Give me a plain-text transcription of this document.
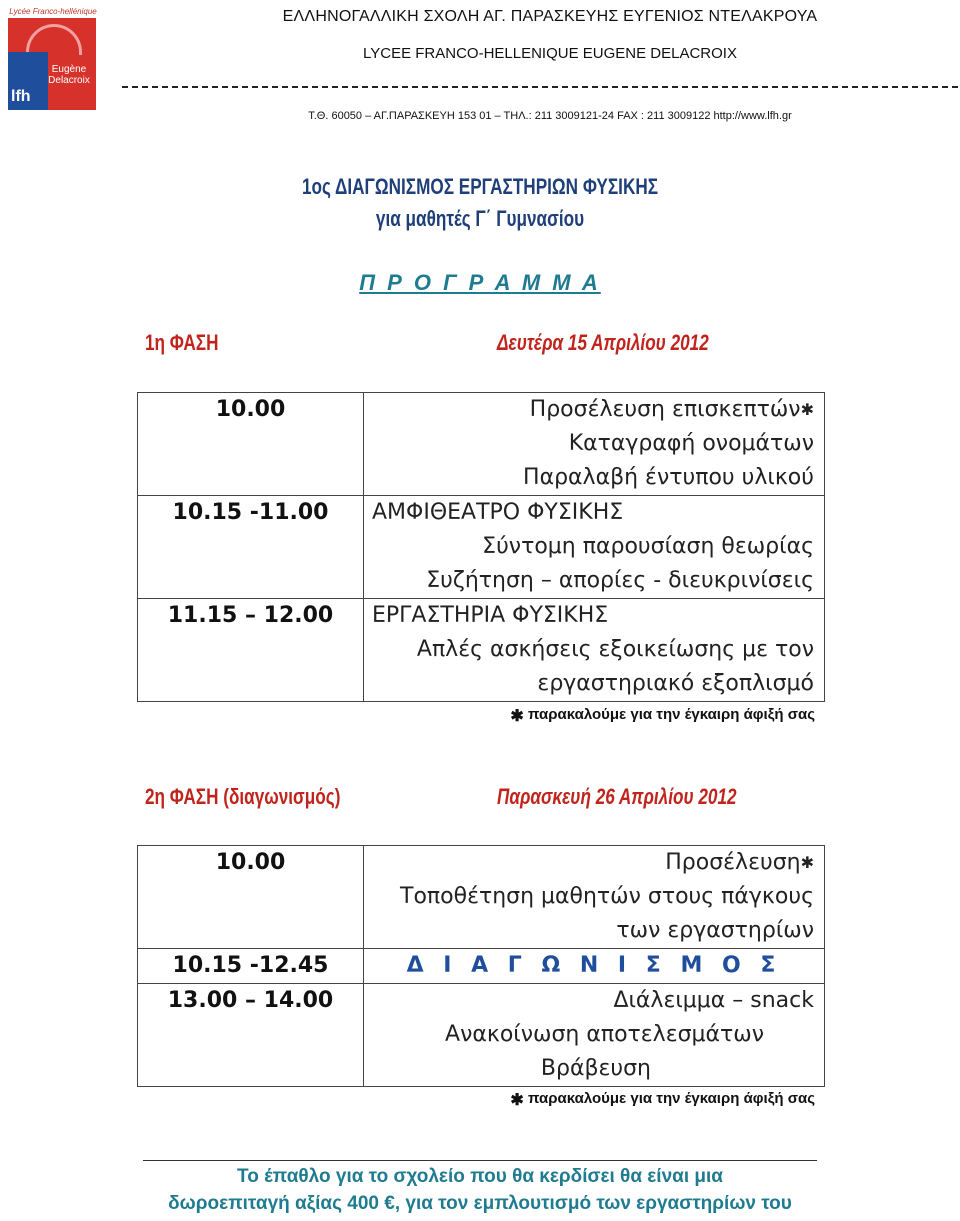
Lycée Franco-hellénique
Eugène
Delacroix
lfh
ΕΛΛΗΝΟΓΑΛΛΙΚΗ ΣΧΟΛΗ ΑΓ. ΠΑΡΑΣΚΕΥΗΣ ΕΥΓΕΝΙΟΣ ΝΤΕΛΑΚΡΟΥΑ
LYCEE FRANCO-HELLENIQUE EUGENE DELACROIX
Τ.Θ. 60050 – ΑΓ.ΠΑΡΑΣΚΕΥΗ 153 01 – ΤΗΛ.: 211 3009121-24 FAX : 211 3009122 http://www.lfh.gr
1ος ΔΙΑΓΩΝΙΣΜΟΣ ΕΡΓΑΣΤΗΡΙΩΝ ΦΥΣΙΚΗΣ
για μαθητές Γ΄ Γυμνασίου
Π Ρ Ο Γ Ρ Α Μ Μ Α
1η ΦΑΣΗ	Δευτέρα 15 Απριλίου 2012
10.00	Προσέλευση επισκεπτών✱
Καταγραφή ονομάτων
Παραλαβή έντυπου υλικού

10.15 -11.00	ΑΜΦΙΘΕΑΤΡΟ ΦΥΣΙΚΗΣ
Σύντομη παρουσίαση θεωρίας
Συζήτηση – απορίες - διευκρινίσεις

11.15 – 12.00	ΕΡΓΑΣΤΗΡΙΑ ΦΥΣΙΚΗΣ
Απλές ασκήσεις εξοικείωσης με τον
εργαστηριακό εξοπλισμό
✱ παρακαλούμε για την έγκαιρη άφιξή σας
2η ΦΑΣΗ (διαγωνισμός)	Παρασκευή 26 Απριλίου 2012
10.00	Προσέλευση✱
Τοποθέτηση μαθητών στους πάγκους
των εργαστηρίων

10.15 -12.45	Δ Ι Α Γ Ω Ν Ι Σ Μ Ο Σ

13.00 – 14.00	Διάλειμμα – snack
Ανακοίνωση αποτελεσμάτων
Βράβευση
✱ παρακαλούμε για την έγκαιρη άφιξή σας
Το έπαθλο για το σχολείο που θα κερδίσει θα είναι μια
δωροεπιταγή αξίας 400 €, για τον εμπλουτισμό των εργαστηρίων του
